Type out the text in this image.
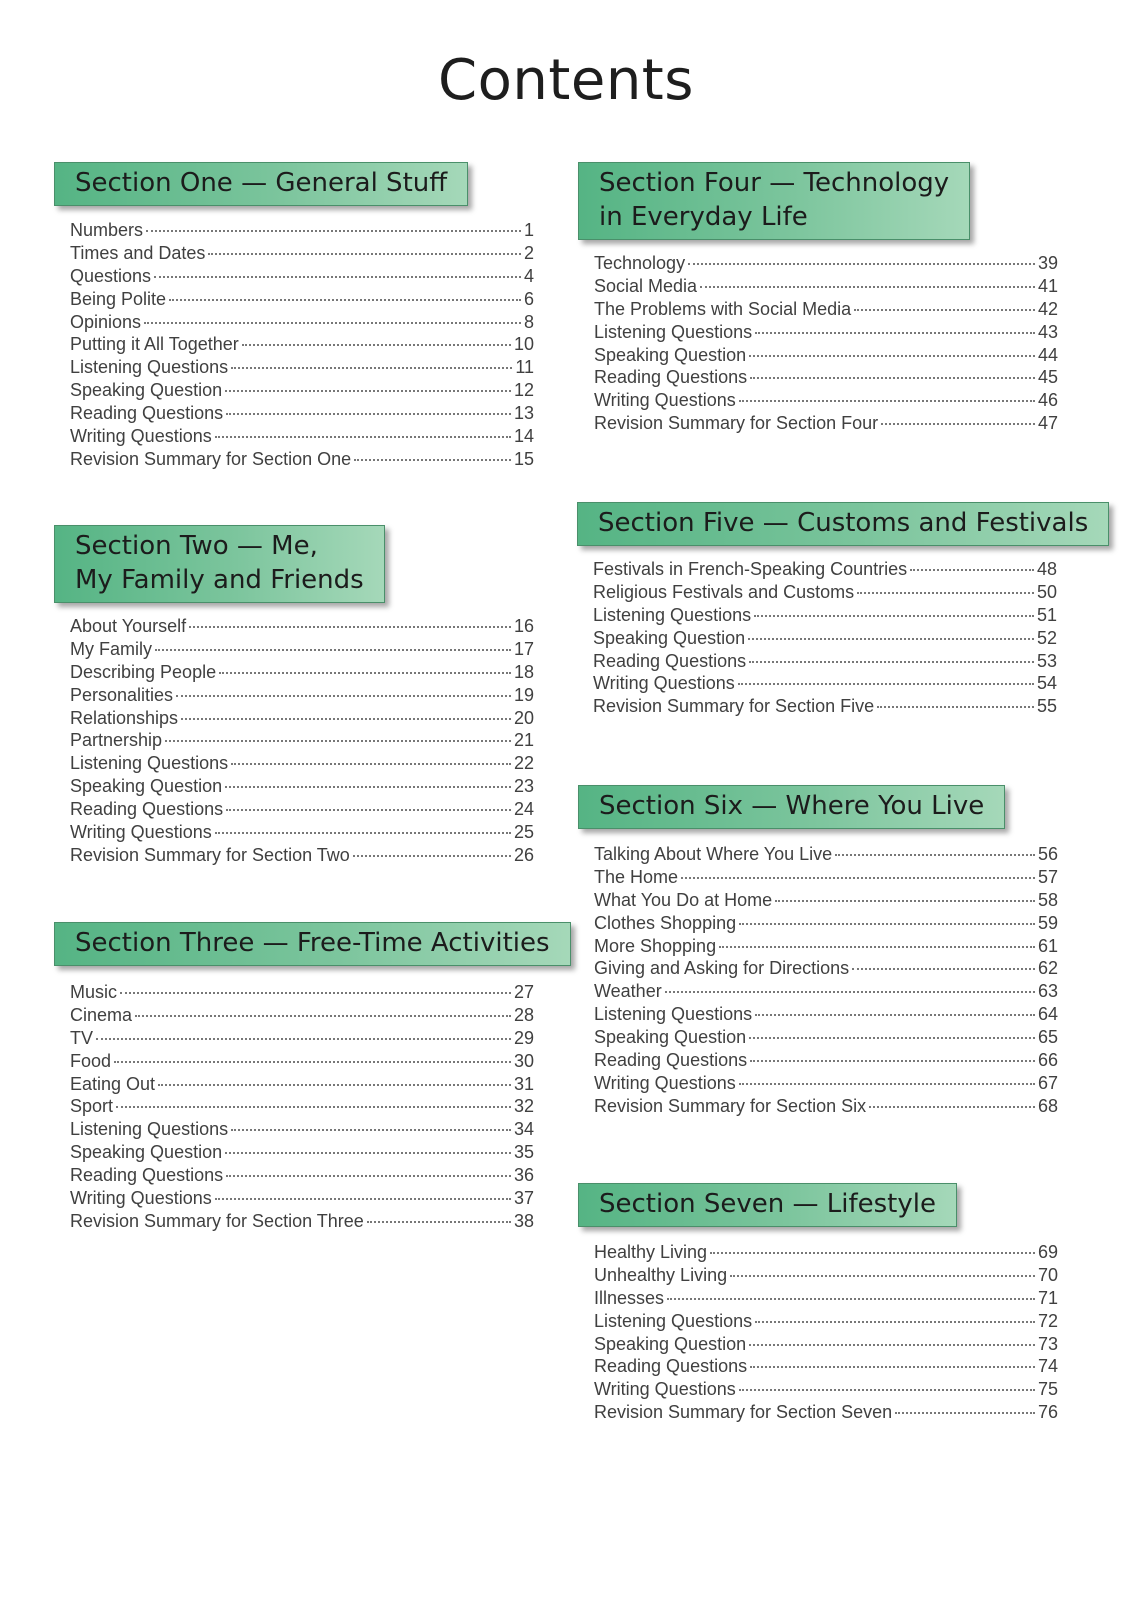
Contents
Section One — General Stuff
Numbers	1
Times and Dates	2
Questions	4
Being Polite	6
Opinions	8
Putting it All Together	10
Listening Questions	11
Speaking Question	12
Reading Questions	13
Writing Questions	14
Revision Summary for Section One	15
Section Two — Me,
My Family and Friends
About Yourself	16
My Family	17
Describing People	18
Personalities	19
Relationships	20
Partnership	21
Listening Questions	22
Speaking Question	23
Reading Questions	24
Writing Questions	25
Revision Summary for Section Two	26
Section Three — Free-Time Activities
Music	27
Cinema	28
TV	29
Food	30
Eating Out	31
Sport	32
Listening Questions	34
Speaking Question	35
Reading Questions	36
Writing Questions	37
Revision Summary for Section Three	38
Section Four — Technology
in Everyday Life
Technology	39
Social Media	41
The Problems with Social Media	42
Listening Questions	43
Speaking Question	44
Reading Questions	45
Writing Questions	46
Revision Summary for Section Four	47
Section Five — Customs and Festivals
Festivals in French-Speaking Countries	48
Religious Festivals and Customs	50
Listening Questions	51
Speaking Question	52
Reading Questions	53
Writing Questions	54
Revision Summary for Section Five	55
Section Six — Where You Live
Talking About Where You Live	56
The Home	57
What You Do at Home	58
Clothes Shopping	59
More Shopping	61
Giving and Asking for Directions	62
Weather	63
Listening Questions	64
Speaking Question	65
Reading Questions	66
Writing Questions	67
Revision Summary for Section Six	68
Section Seven — Lifestyle
Healthy Living	69
Unhealthy Living	70
Illnesses	71
Listening Questions	72
Speaking Question	73
Reading Questions	74
Writing Questions	75
Revision Summary for Section Seven	76
